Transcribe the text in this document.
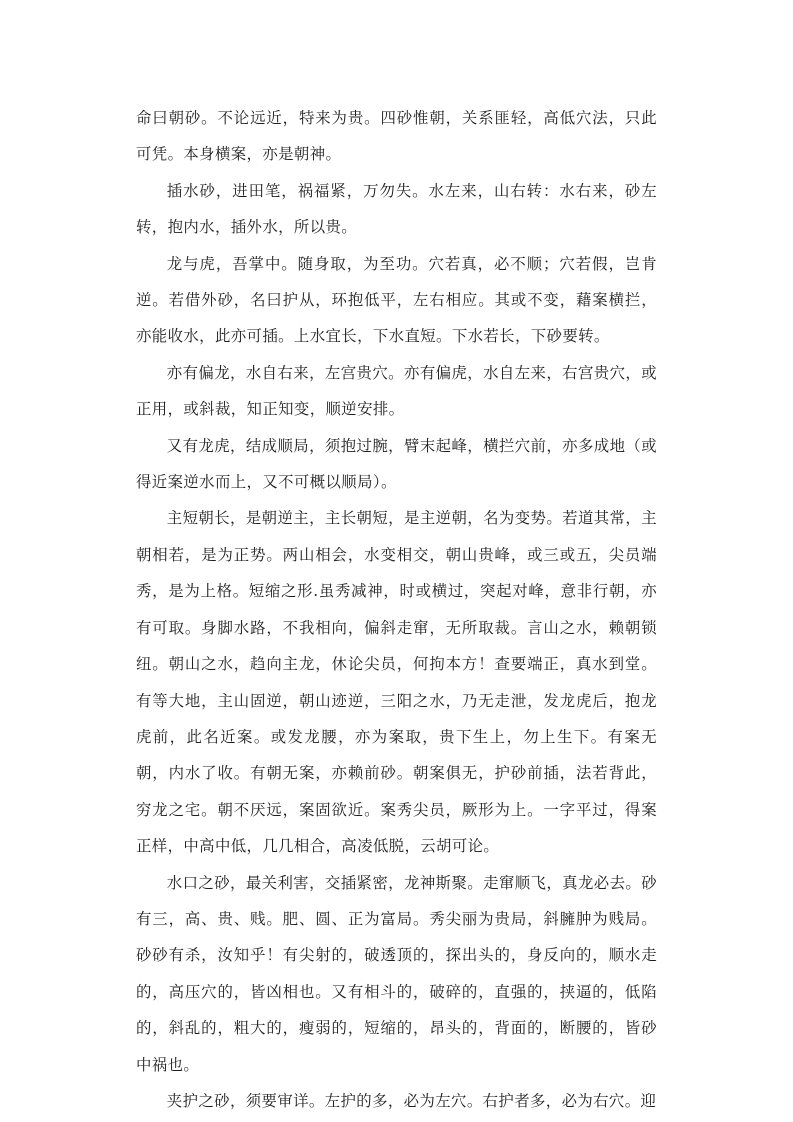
命曰朝砂。不论远近，特来为贵。四砂惟朝，关系匪轻，高低穴法，只此可凭。本身横案，亦是朝神。

插水砂，进田笔，祸福紧，万勿失。水左来，山右转：水右来，砂左转，抱内水，插外水，所以贵。

龙与虎，吾掌中。随身取，为至功。穴若真，必不顺；穴若假，岂肯逆。若借外砂，名曰护从，环抱低平，左右相应。其或不变，藉案横拦，亦能收水，此亦可插。上水宜长，下水直短。下水若长，下砂要转。

亦有偏龙，水自右来，左宫贵穴。亦有偏虎，水自左来，右宫贵穴，或正用，或斜裁，知正知变，顺逆安排。

又有龙虎，结成顺局，须抱过腕，臂末起峰，横拦穴前，亦多成地（或得近案逆水而上，又不可概以顺局）。

主短朝长，是朝逆主，主长朝短，是主逆朝，名为变势。若道其常，主朝相若，是为正势。两山相会，水变相交，朝山贵峰，或三或五，尖员端秀，是为上格。短缩之形.虽秀减神，时或横过，突起对峰，意非行朝，亦有可取。身脚水路，不我相向，偏斜走窜，无所取裁。言山之水，赖朝锁纽。朝山之水，趋向主龙，休论尖员，何拘本方！查要端正，真水到堂。有等大地，主山固逆，朝山迹逆，三阳之水，乃无走泄，发龙虎后，抱龙虎前，此名近案。或发龙腰，亦为案取，贵下生上，勿上生下。有案无朝，内水了收。有朝无案，亦赖前砂。朝案俱无，护砂前插，法若背此，穷龙之宅。朝不厌远，案固欲近。案秀尖员，厥形为上。一字平过，得案正样，中高中低，几几相合，高凌低脱，云胡可论。

水口之砂，最关利害，交插紧密，龙神斯聚。走窜顺飞，真龙必去。砂有三，高、贵、贱。肥、圆、正为富局。秀尖丽为贵局，斜臃肿为贱局。砂砂有杀，汝知乎！有尖射的，破透顶的，探出头的，身反向的，顺水走的，高压穴的，皆凶相也。又有相斗的，破碎的，直强的，挟逼的，低陷的，斜乱的，粗大的，瘦弱的，短缩的，昂头的，背面的，断腰的，皆砂中祸也。

夹护之砂，须要审详。左护的多，必为左穴。右护者多，必为右穴。迎
